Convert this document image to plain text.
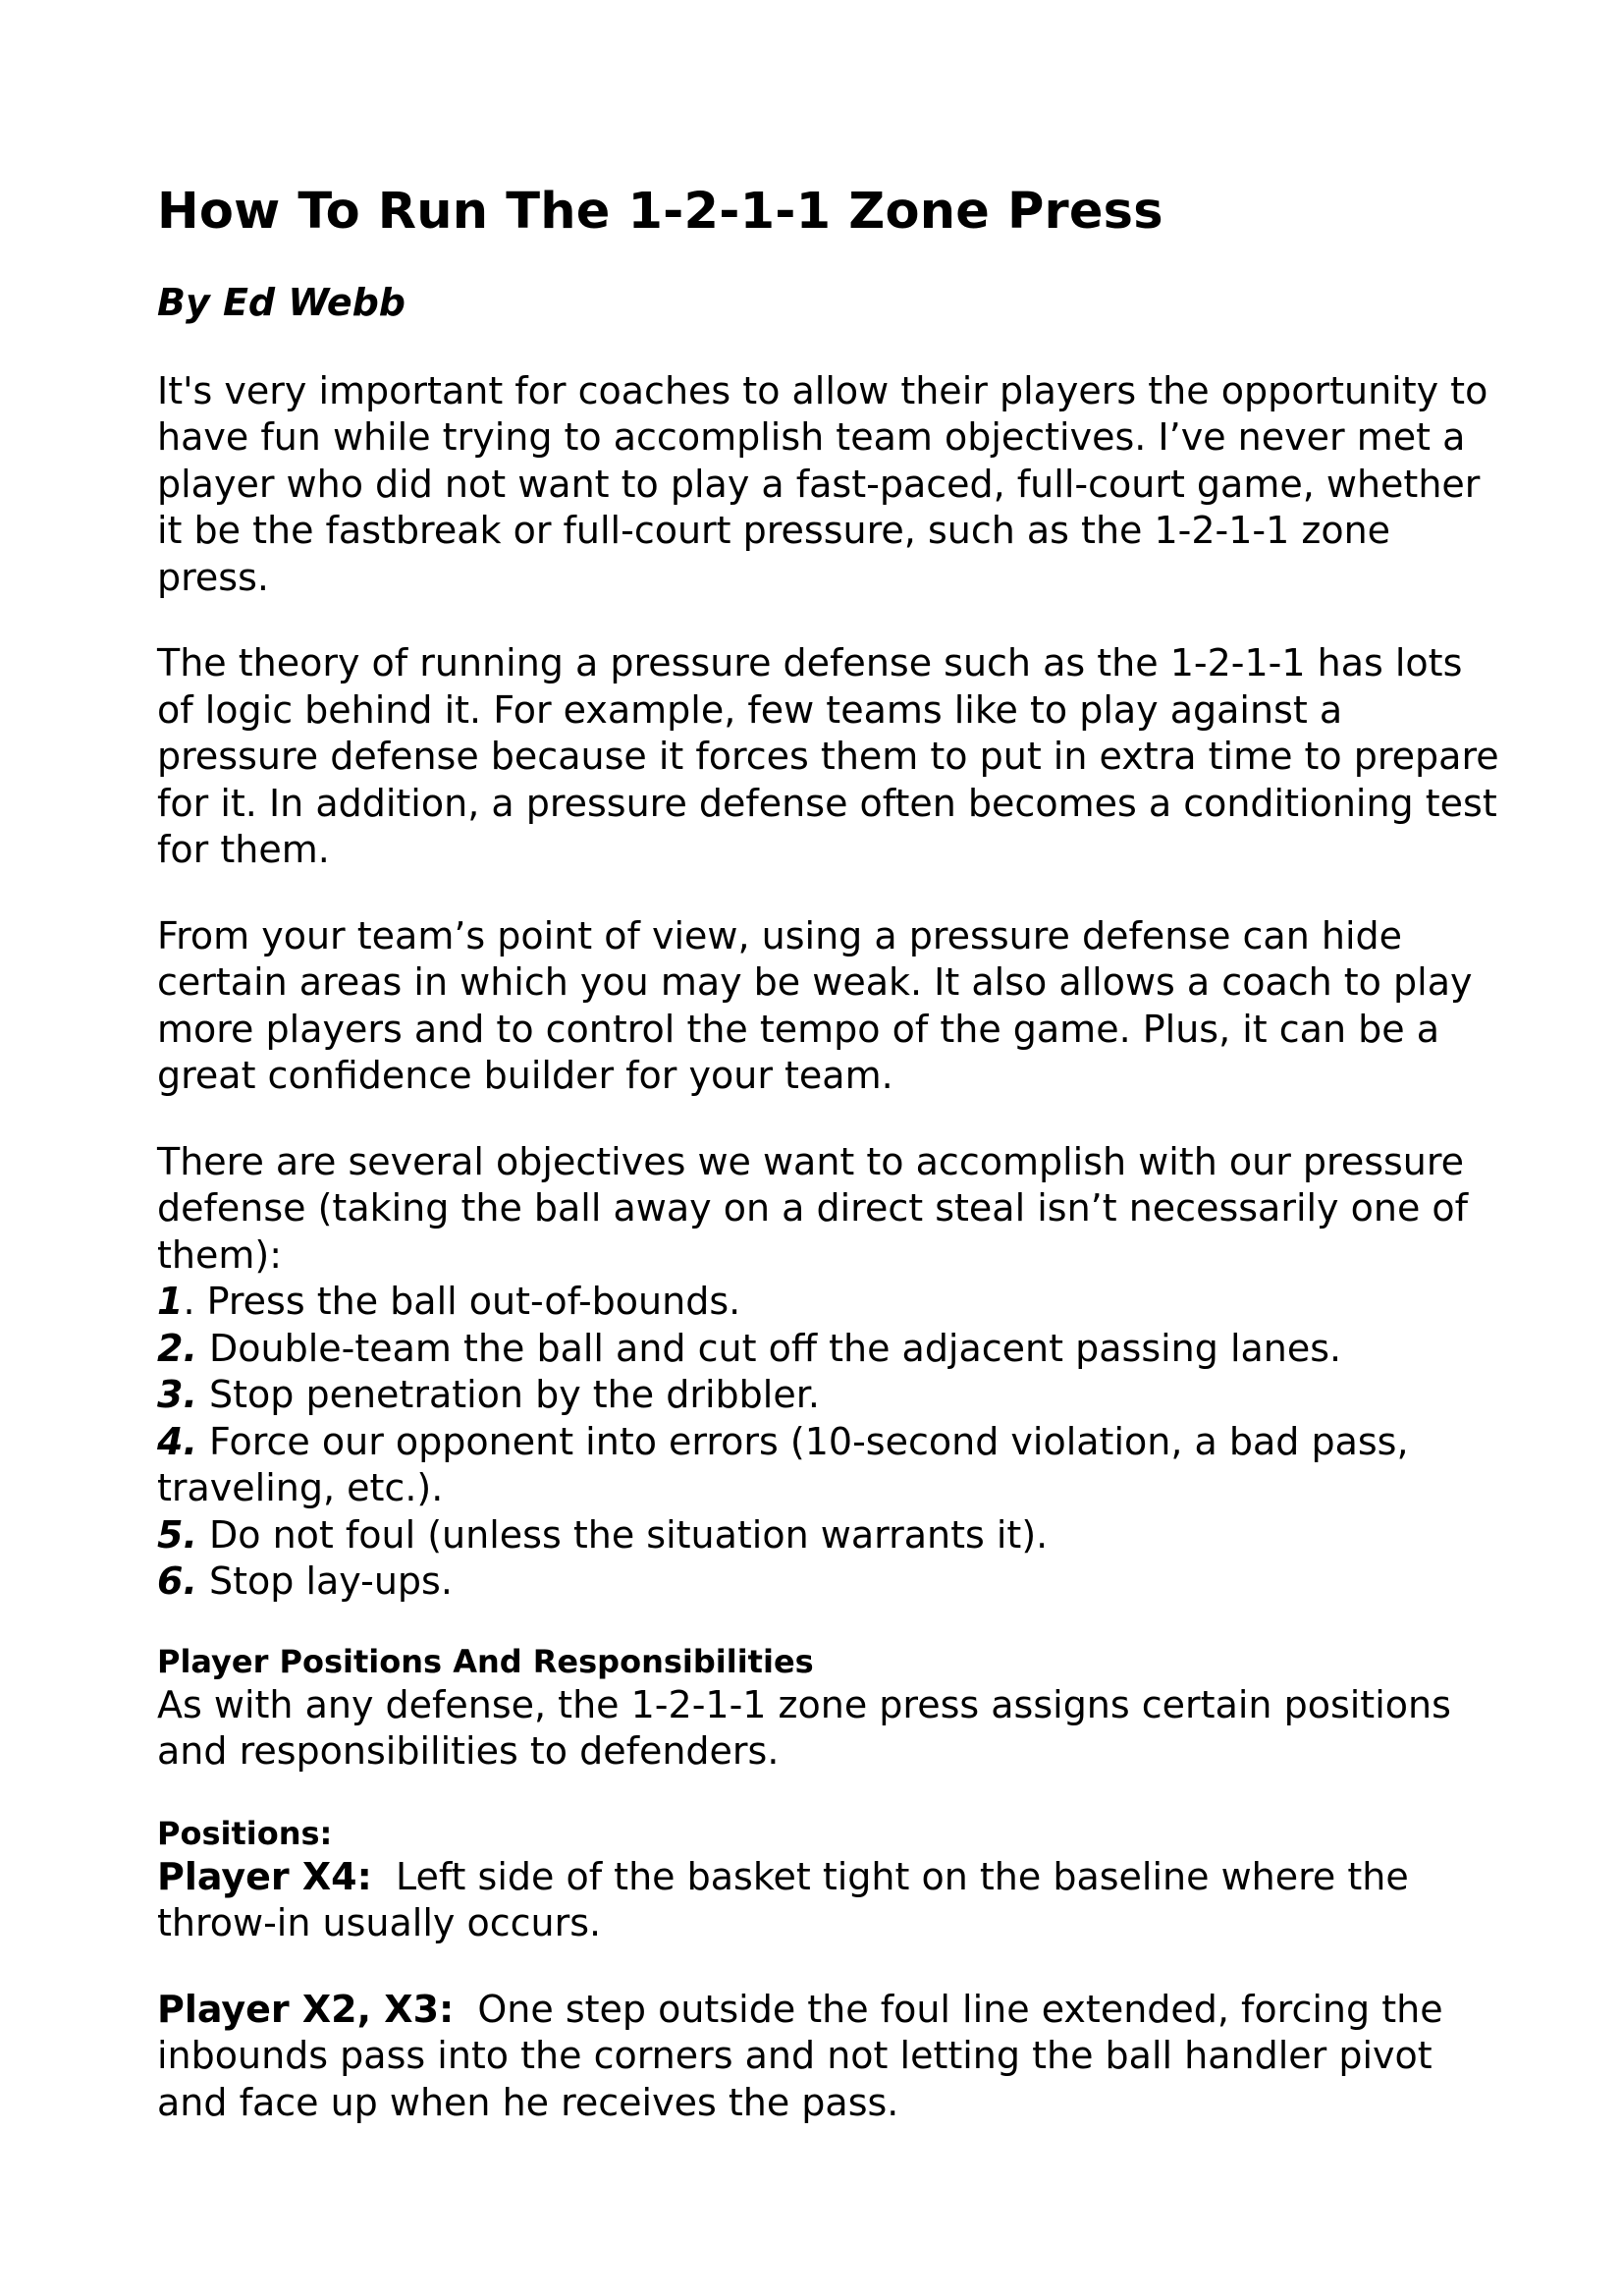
How To Run The 1-2-1-1 Zone Press
By Ed Webb

It's very important for coaches to allow their players the opportunity to have fun while trying to accomplish team objectives. I’ve never met a player who did not want to play a fast-paced, full-court game, whether it be the fastbreak or full-court pressure, such as the 1-2-1-1 zone press.

The theory of running a pressure defense such as the 1-2-1-1 has lots of logic behind it. For example, few teams like to play against a pressure defense because it forces them to put in extra time to prepare for it. In addition, a pressure defense often becomes a conditioning test for them.

From your team’s point of view, using a pressure defense can hide certain areas in which you may be weak. It also allows a coach to play more players and to control the tempo of the game. Plus, it can be a great confidence builder for your team.

There are several objectives we want to accomplish with our pressure defense (taking the ball away on a direct steal isn’t necessarily one of them):

1. Press the ball out-of-bounds.
2. Double-team the ball and cut off the adjacent passing lanes.
3. Stop penetration by the dribbler.
4. Force our opponent into errors (10-second violation, a bad pass, traveling, etc.).
5. Do not foul (unless the situation warrants it).
6. Stop lay-ups.
Player Positions And Responsibilities

As with any defense, the 1-2-1-1 zone press assigns certain positions and responsibilities to defenders.

Positions:

Player X4: Left side of the basket tight on the baseline where the throw-in usually occurs.

Player X2, X3: One step outside the foul line extended, forcing the inbounds pass into the corners and not letting the ball handler pivot and face up when he receives the pass.
